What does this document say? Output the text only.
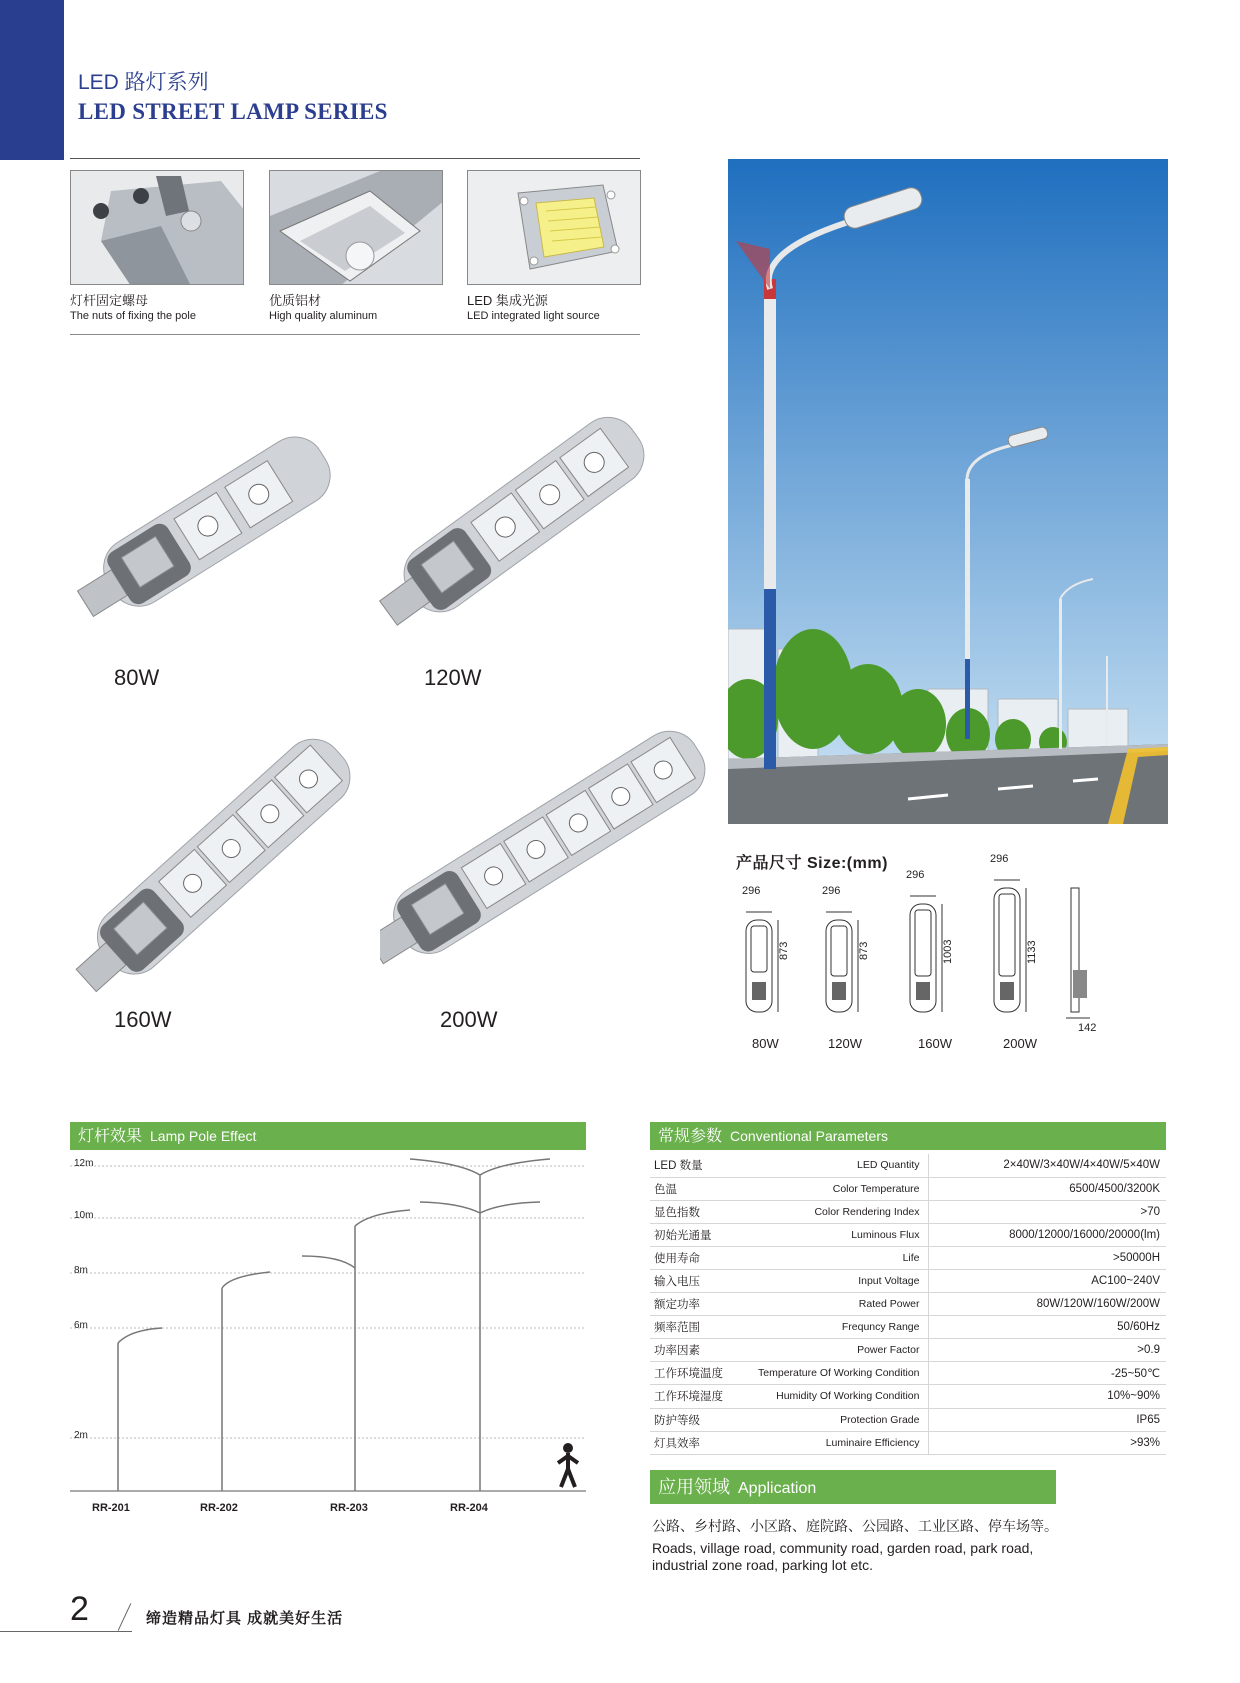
LED 路灯系列
LED STREET LAMP SERIES
灯杆固定螺母
The nuts of fixing the pole
优质铝材
High quality aluminum
LED 集成光源
LED integrated light source
80W	120W
160W	200W
产品尺寸 Size:(mm)
296	296
296
296
873	873	1003	1133
142
80W	120W	160W	200W
灯杆效果 Lamp Pole Effect
12m
10m
8m
6m
2m
RR-201	RR-202	RR-203	RR-204
常规参数 Conventional Parameters
LED 数量	LED Quantity	2×40W/3×40W/4×40W/5×40W
色温	Color Temperature	6500/4500/3200K
显色指数	Color Rendering Index	>70
初始光通量	Luminous Flux	8000/12000/16000/20000(lm)
使用寿命	Life	>50000H
输入电压	Input Voltage	AC100~240V
额定功率	Rated Power	80W/120W/160W/200W
频率范围	Frequncy Range	50/60Hz
功率因素	Power Factor	>0.9
工作环境温度	Temperature Of Working Condition	-25~50℃
工作环境湿度	Humidity Of Working Condition	10%~90%
防护等级	Protection Grade	IP65
灯具效率	Luminaire Efficiency	>93%
应用领域 Application
公路、乡村路、小区路、庭院路、公园路、工业区路、停车场等。
Roads, village road, community road, garden road, park road, industrial zone road, parking lot etc.
2	缔造精品灯具 成就美好生活
